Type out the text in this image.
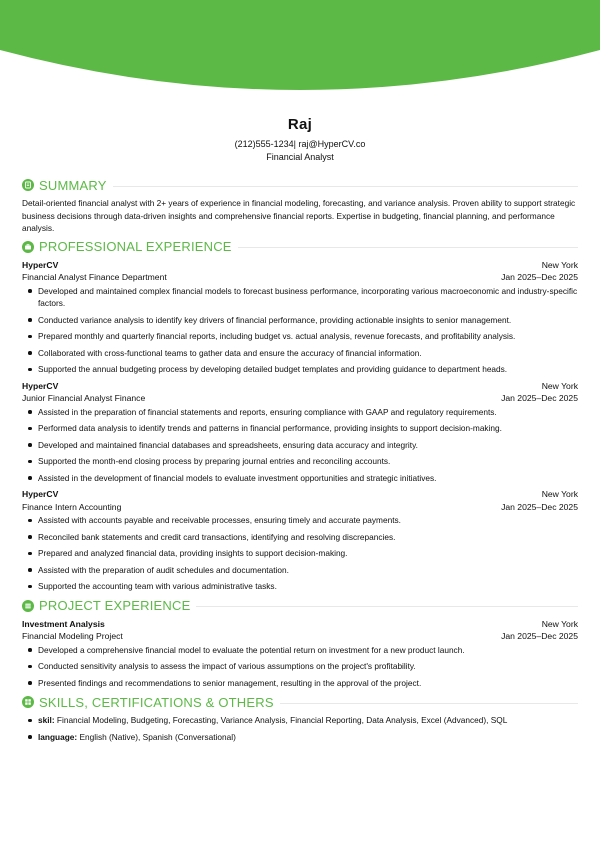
Raj
(212)555-1234| raj@HyperCV.co
Financial Analyst
SUMMARY

Detail-oriented financial analyst with 2+ years of experience in financial modeling, forecasting, and variance analysis. Proven ability to support strategic business decisions through data-driven insights and comprehensive financial reports. Expertise in budgeting, financial planning, and performance analysis.

PROFESSIONAL EXPERIENCE
HyperCV	New York
Financial Analyst Finance Department	Jan 2025–Dec 2025
Developed and maintained complex financial models to forecast business performance, incorporating various macroeconomic and industry-specific factors.
Conducted variance analysis to identify key drivers of financial performance, providing actionable insights to senior management.
Prepared monthly and quarterly financial reports, including budget vs. actual analysis, revenue forecasts, and profitability analysis.
Collaborated with cross-functional teams to gather data and ensure the accuracy of financial information.
Supported the annual budgeting process by developing detailed budget templates and providing guidance to department heads.
HyperCV	New York
Junior Financial Analyst Finance	Jan 2025–Dec 2025
Assisted in the preparation of financial statements and reports, ensuring compliance with GAAP and regulatory requirements.
Performed data analysis to identify trends and patterns in financial performance, providing insights to support decision-making.
Developed and maintained financial databases and spreadsheets, ensuring data accuracy and integrity.
Supported the month-end closing process by preparing journal entries and reconciling accounts.
Assisted in the development of financial models to evaluate investment opportunities and strategic initiatives.
HyperCV	New York
Finance Intern Accounting	Jan 2025–Dec 2025
Assisted with accounts payable and receivable processes, ensuring timely and accurate payments.
Reconciled bank statements and credit card transactions, identifying and resolving discrepancies.
Prepared and analyzed financial data, providing insights to support decision-making.
Assisted with the preparation of audit schedules and documentation.
Supported the accounting team with various administrative tasks.
PROJECT EXPERIENCE
Investment Analysis	New York
Financial Modeling Project	Jan 2025–Dec 2025
Developed a comprehensive financial model to evaluate the potential return on investment for a new product launch.
Conducted sensitivity analysis to assess the impact of various assumptions on the project's profitability.
Presented findings and recommendations to senior management, resulting in the approval of the project.
SKILLS, CERTIFICATIONS & OTHERS
skil: Financial Modeling, Budgeting, Forecasting, Variance Analysis, Financial Reporting, Data Analysis, Excel (Advanced), SQL
language: English (Native), Spanish (Conversational)
